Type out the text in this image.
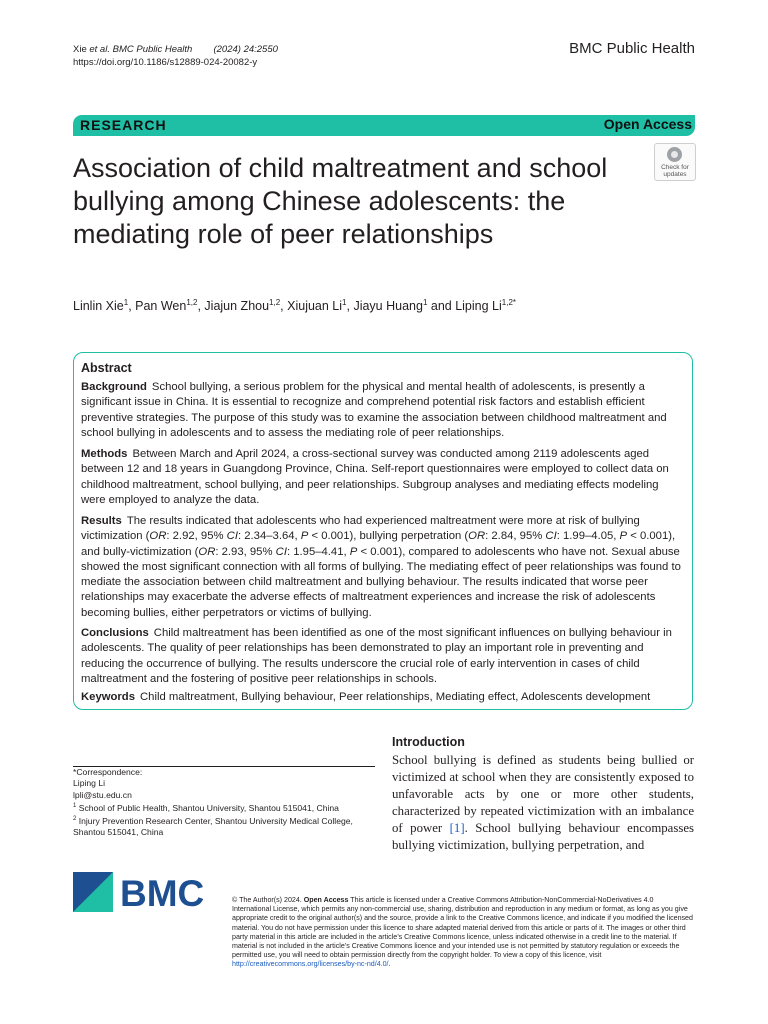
Xie et al. BMC Public Health (2024) 24:2550
https://doi.org/10.1186/s12889-024-20082-y
BMC Public Health
RESEARCH	Open Access
Association of child maltreatment and school bullying among Chinese adolescents: the mediating role of peer relationships
Check for
updates
Linlin Xie$^1$, Pan Wen$^{1,2}$, Jiajun Zhou$^{1,2}$, Xiujuan Li$^1$, Jiayu Huang$^1$ and Liping $Li^{1,2*}$
Abstract
Background School bullying, a serious problem for the physical and mental health of adolescents, is presently a significant issue in China. It is essential to recognize and comprehend potential risk factors and establish efficient preventive strategies. The purpose of this study was to examine the association between childhood maltreatment and school bullying in adolescents and to assess the mediating role of peer relationships.
Methods Between March and April 2024, a cross-sectional survey was conducted among 2119 adolescents aged between 12 and 18 years in Guangdong Province, China. Self-report questionnaires were employed to collect data on childhood maltreatment, school bullying, and peer relationships. Subgroup analyses and mediating effects modeling were employed to analyze the data.
Results The results indicated that adolescents who had experienced maltreatment were more at risk of bullying victimization (OR: 2.92, 95% CI: 2.34–3.64, P < 0.001), bullying perpetration (OR: 2.84, 95% CI: 1.99–4.05, P < 0.001), and bully-victimization (OR: 2.93, 95% CI: 1.95–4.41, P < 0.001), compared to adolescents who have not. Sexual abuse showed the most significant connection with all forms of bullying. The mediating effect of peer relationships was found to mediate the association between child maltreatment and bullying behaviour. The results indicated that worse peer relationships may exacerbate the adverse effects of maltreatment experiences and increase the risk of adolescents becoming bullies, either perpetrators or victims of bullying.
Conclusions Child maltreatment has been identified as one of the most significant influences on bullying behaviour in adolescents. The quality of peer relationships has been demonstrated to play an important role in preventing and reducing the occurrence of bullying. The results underscore the crucial role of early intervention in cases of child maltreatment and the fostering of positive peer relationships in schools.
Keywords Child maltreatment, Bullying behaviour, Peer relationships, Mediating effect, Adolescents development
*Correspondence:
Liping Li
lpli@stu.edu.cn
$^1$ School of Public Health, Shantou University, Shantou 515041, China
$^2$ Injury Prevention Research Center, Shantou University Medical College, Shantou 515041, China
Introduction
School bullying is defined as students being bullied or victimized at school when they are consistently exposed to unfavorable acts by one or more other students, characterized by repeated victimization with an imbalance of power [1]. School bullying behaviour encompasses bullying victimization, bullying perpetration, and
BMC	© The Author(s) 2024. Open Access This article is licensed under a Creative Commons Attribution-NonCommercial-NoDerivatives 4.0 International License, which permits any non-commercial use, sharing, distribution and reproduction in any medium or format, as long as you give appropriate credit to the original author(s) and the source, provide a link to the Creative Commons licence, and indicate if you modified the licensed material. You do not have permission under this licence to share adapted material derived from this article or parts of it. The images or other third party material in this article are included in the article’s Creative Commons licence, unless indicated otherwise in a credit line to the material. If material is not included in the article’s Creative Commons licence and your intended use is not permitted by statutory regulation or exceeds the permitted use, you will need to obtain permission directly from the copyright holder. To view a copy of this licence, visit http://creativecommons.org/licenses/by-nc-nd/4.0/.
